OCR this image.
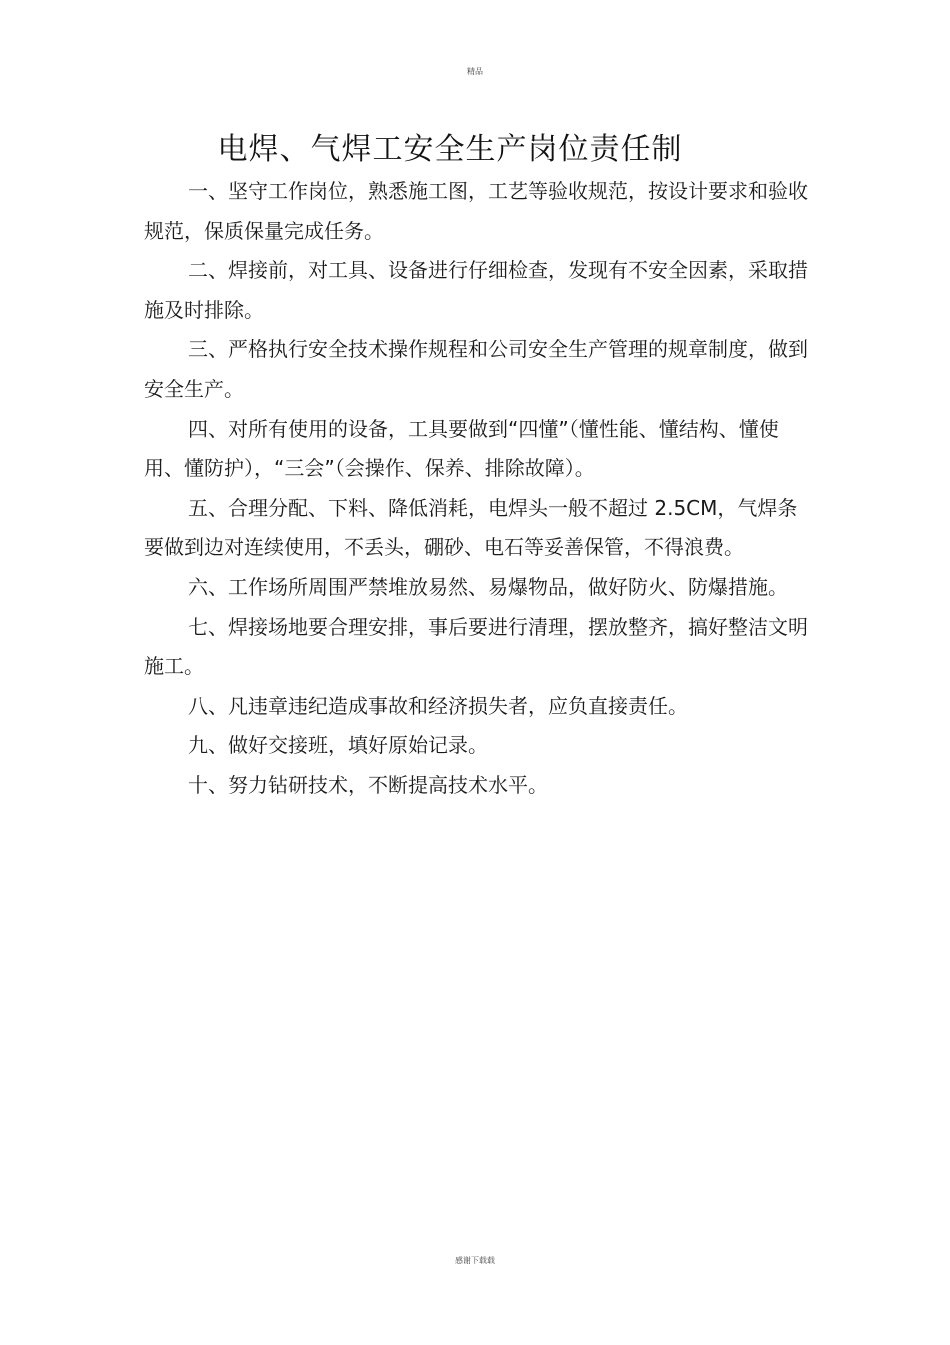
精品
电焊、气焊工安全生产岗位责任制

一、坚守工作岗位，熟悉施工图，工艺等验收规范，按设计要求和验收规范，保质保量完成任务。

二、焊接前，对工具、设备进行仔细检查，发现有不安全因素，采取措施及时排除。

三、严格执行安全技术操作规程和公司安全生产管理的规章制度，做到安全生产。

四、对所有使用的设备，工具要做到“四懂”（懂性能、懂结构、懂使用、懂防护），“三会”（会操作、保养、排除故障）。

五、合理分配、下料、降低消耗，电焊头一般不超过 2.5CM，气焊条要做到边对连续使用，不丢头，硼砂、电石等妥善保管，不得浪费。

六、工作场所周围严禁堆放易然、易爆物品，做好防火、防爆措施。

七、焊接场地要合理安排，事后要进行清理，摆放整齐，搞好整洁文明施工。

八、凡违章违纪造成事故和经济损失者，应负直接责任。

九、做好交接班，填好原始记录。

十、努力钻研技术，不断提高技术水平。

感谢下载载
